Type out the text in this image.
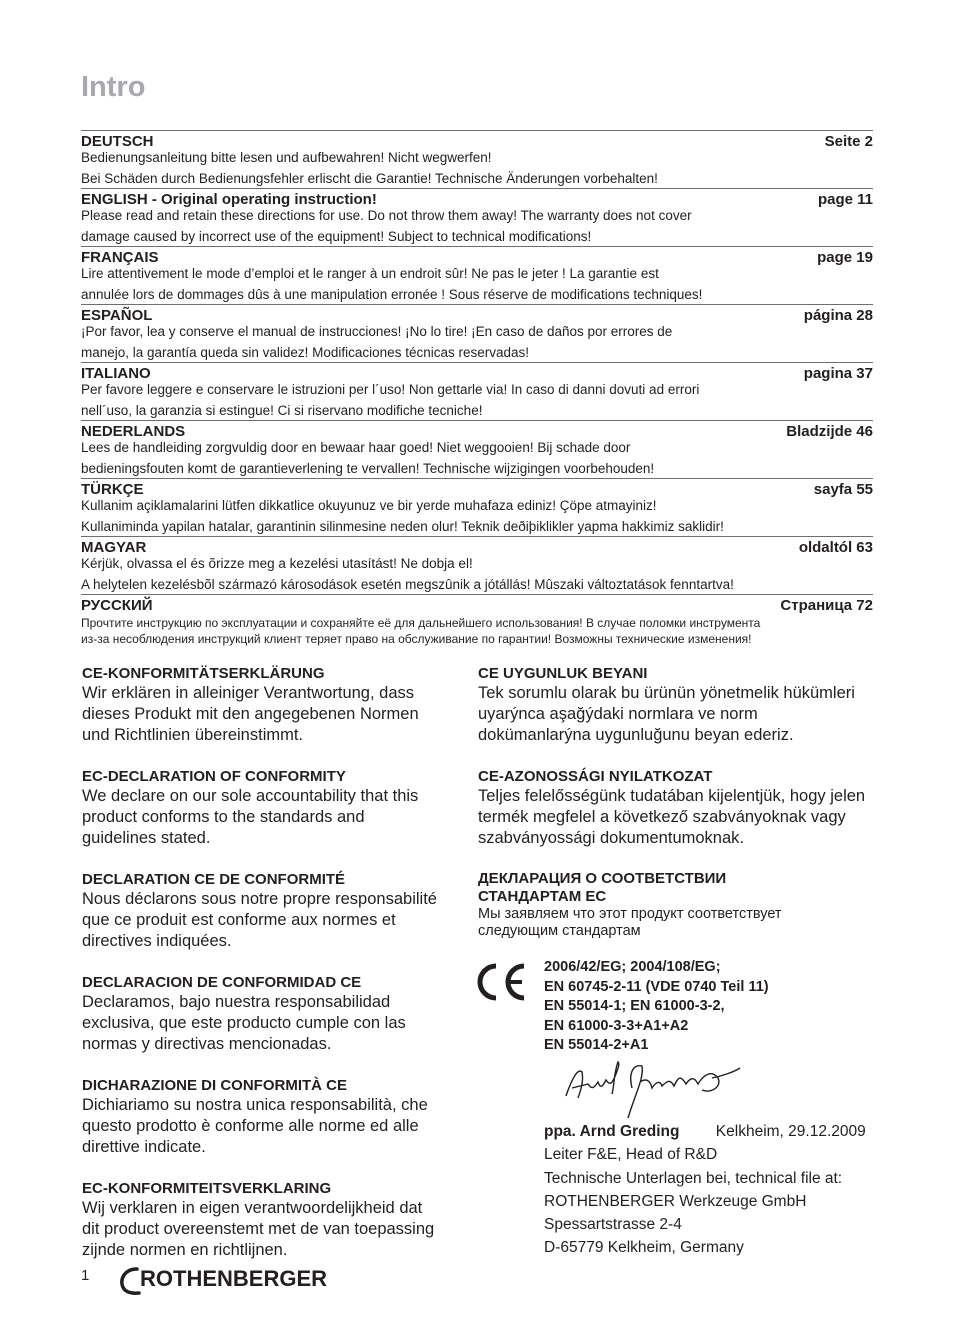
Intro
DEUTSCH	Seite 2
Bedienungsanleitung bitte lesen und aufbewahren! Nicht wegwerfen!
Bei Schäden durch Bedienungsfehler erlischt die Garantie! Technische Änderungen vorbehalten!
ENGLISH - Original operating instruction!	page 11
Please read and retain these directions for use. Do not throw them away! The warranty does not cover
damage caused by incorrect use of the equipment! Subject to technical modifications!
FRANÇAIS	page 19
Lire attentivement le mode d’emploi et le ranger à un endroit sûr! Ne pas le jeter ! La garantie est
annulée lors de dommages dûs à une manipulation erronée ! Sous réserve de modifications techniques!
ESPAÑOL	página 28
¡Por favor, lea y conserve el manual de instrucciones! ¡No lo tire! ¡En caso de daños por errores de
manejo, la garantía queda sin validez! Modificaciones técnicas reservadas!
ITALIANO	pagina 37
Per favore leggere e conservare le istruzioni per l´uso! Non gettarle via! In caso di danni dovuti ad errori
nell´uso, la garanzia si estingue! Ci si riservano modifiche tecniche!
NEDERLANDS	Bladzijde 46
Lees de handleiding zorgvuldig door en bewaar haar goed! Niet weggooien! Bij schade door
bedieningsfouten komt de garantieverlening te vervallen! Technische wijzigingen voorbehouden!
TÜRKÇE	sayfa 55
Kullanim açiklamalarini lütfen dikkatlice okuyunuz ve bir yerde muhafaza ediniz! Çöpe atmayiniz!
Kullaniminda yapilan hatalar, garantinin silinmesine neden olur! Teknik deðiþiklikler yapma hakkimiz saklidir!
MAGYAR	oldaltól 63
Kérjük, olvassa el és õrizze meg a kezelési utasítást! Ne dobja el!
A helytelen kezelésbõl származó károsodások esetén megszûnik a jótállás! Mûszaki változtatások fenntartva!
РУССКИЙ	Страница 72
Прочтите инструкцию по эксплуатации и сохраняйте её для дальнейшего использования! В случае поломки инструмента
из-за несоблюдения инструкций клиент теряет право на обслуживание по гарантии! Возможны технические изменения!
CE-KONFORMITÄTSERKLÄRUNG

Wir erklären in alleiniger Verantwortung, dass

dieses Produkt mit den angegebenen Normen

und Richtlinien übereinstimmt.

EC-DECLARATION OF CONFORMITY

We declare on our sole accountability that this

product conforms to the standards and

guidelines stated.

DECLARATION CE DE CONFORMITÉ

Nous déclarons sous notre propre responsabilité

que ce produit est conforme aux normes et

directives indiquées.

DECLARACION DE CONFORMIDAD CE

Declaramos, bajo nuestra responsabilidad

exclusiva, que este producto cumple con las

normas y directivas mencionadas.

DICHARAZIONE DI CONFORMITÀ CE

Dichiariamo su nostra unica responsabilità, che

questo prodotto è conforme alle norme ed alle

direttive indicate.

EC-KONFORMITEITSVERKLARING

Wij verklaren in eigen verantwoordelijkheid dat

dit product overeenstemt met de van toepassing

zijnde normen en richtlijnen.

CE UYGUNLUK BEYANI

Tek sorumlu olarak bu ürünün yönetmelik hükümleri

uyarýnca aşağýdaki normlara ve norm

dokümanlarýna uygunluğunu beyan ederiz.

CE-AZONOSSÁGI NYILATKOZAT

Teljes felelősségünk tudatában kijelentjük, hogy jelen

termék megfelel a következő szabványoknak vagy

szabványossági dokumentumoknak.

ДЕКЛАРАЦИЯ О СООТВЕТСТВИИ
СТАНДАРТАМ ЕС

Мы заявляем что этот продукт соответствует

следующим стандартам

2006/42/EG; 2004/108/EG;
EN 60745-2-11 (VDE 0740 Teil 11)
EN 55014-1; EN 61000-3-2,
EN 61000-3-3+A1+A2
EN 55014-2+A1
ppa. Arnd Greding Kelkheim, 29.12.2009
Leiter F&E, Head of R&D
Technische Unterlagen bei, technical file at:
ROTHENBERGER Werkzeuge GmbH
Spessartstrasse 2-4
D-65779 Kelkheim, Germany
1 ROTHENBERGER
